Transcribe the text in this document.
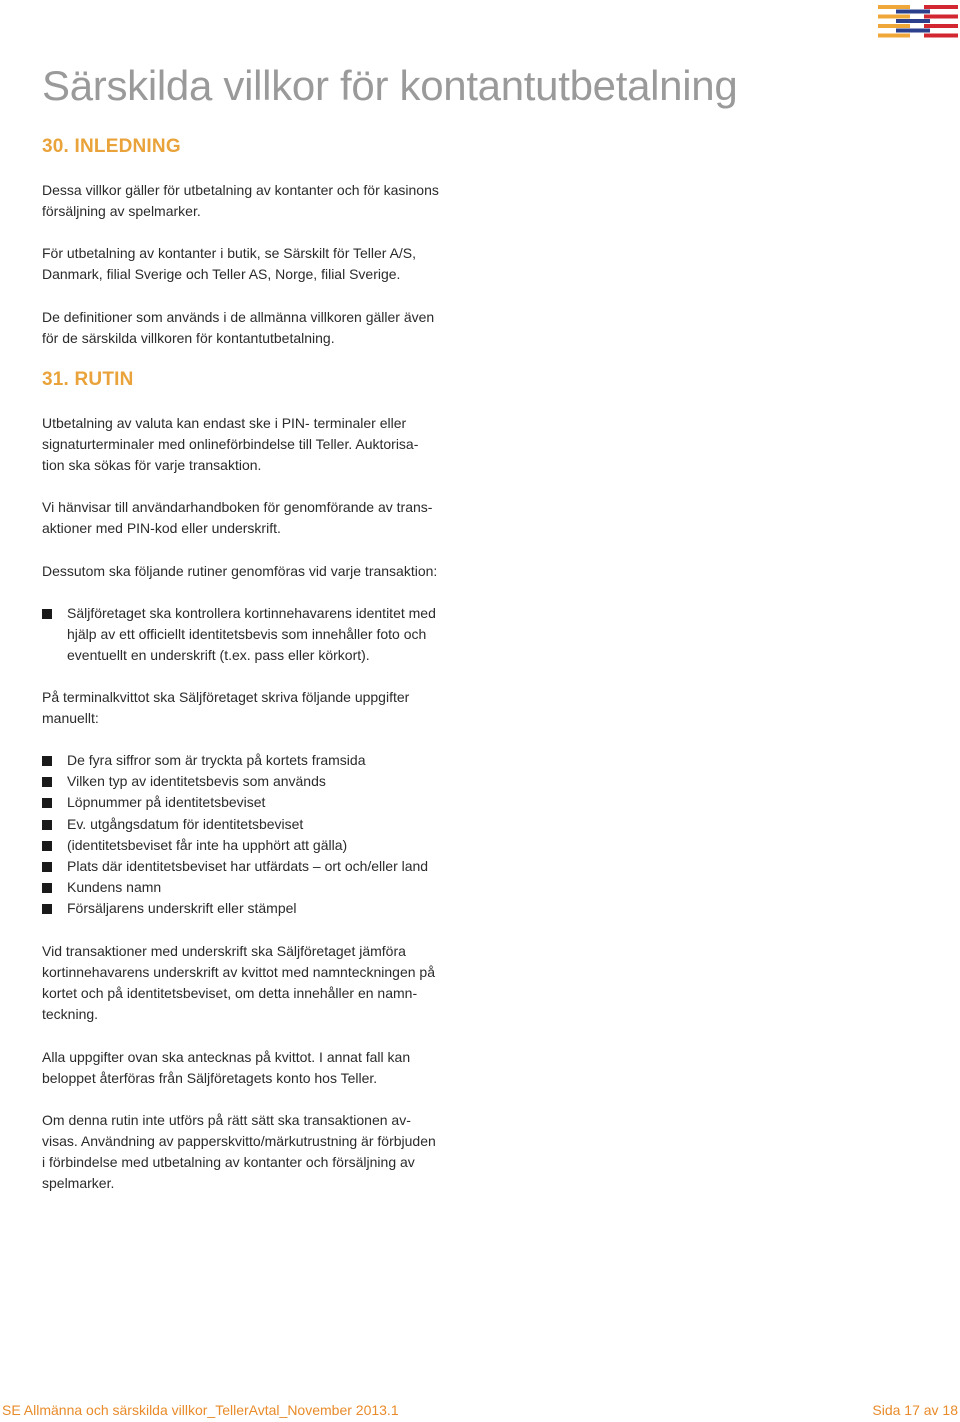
Särskilda villkor för kontantutbetalning
30. INLEDNING

Dessa villkor gäller för utbetalning av kontanter och för kasinons
försäljning av spelmarker.

För utbetalning av kontanter i butik, se Särskilt för Teller A/S,
Danmark, filial Sverige och Teller AS, Norge, filial Sverige.

De definitioner som används i de allmänna villkoren gäller även
för de särskilda villkoren för kontantutbetalning.

31. RUTIN

Utbetalning av valuta kan endast ske i PIN- terminaler eller
signaturterminaler med onlineförbindelse till Teller. Auktorisa-
tion ska sökas för varje transaktion.

Vi hänvisar till användarhandboken för genomförande av trans-
aktioner med PIN-kod eller underskrift.

Dessutom ska följande rutiner genomföras vid varje transaktion:

Säljföretaget ska kontrollera kortinnehavarens identitet med
hjälp av ett officiellt identitetsbevis som innehåller foto och
eventuellt en underskrift (t.ex. pass eller körkort).

På terminalkvittot ska Säljföretaget skriva följande uppgifter
manuellt:

De fyra siffror som är tryckta på kortets framsida
Vilken typ av identitetsbevis som används
Löpnummer på identitetsbeviset
Ev. utgångsdatum för identitetsbeviset
(identitetsbeviset får inte ha upphört att gälla)
Plats där identitetsbeviset har utfärdats – ort och/eller land
Kundens namn
Försäljarens underskrift eller stämpel

Vid transaktioner med underskrift ska Säljföretaget jämföra
kortinnehavarens underskrift av kvittot med namnteckningen på
kortet och på identitetsbeviset, om detta innehåller en namn-
teckning.

Alla uppgifter ovan ska antecknas på kvittot. I annat fall kan
beloppet återföras från Säljföretagets konto hos Teller.

Om denna rutin inte utförs på rätt sätt ska transaktionen av-
visas. Användning av papperskvitto/märkutrustning är förbjuden
i förbindelse med utbetalning av kontanter och försäljning av
spelmarker.

SE Allmänna och särskilda villkor_TellerAvtal_November 2013.1	Sida 17 av 18
